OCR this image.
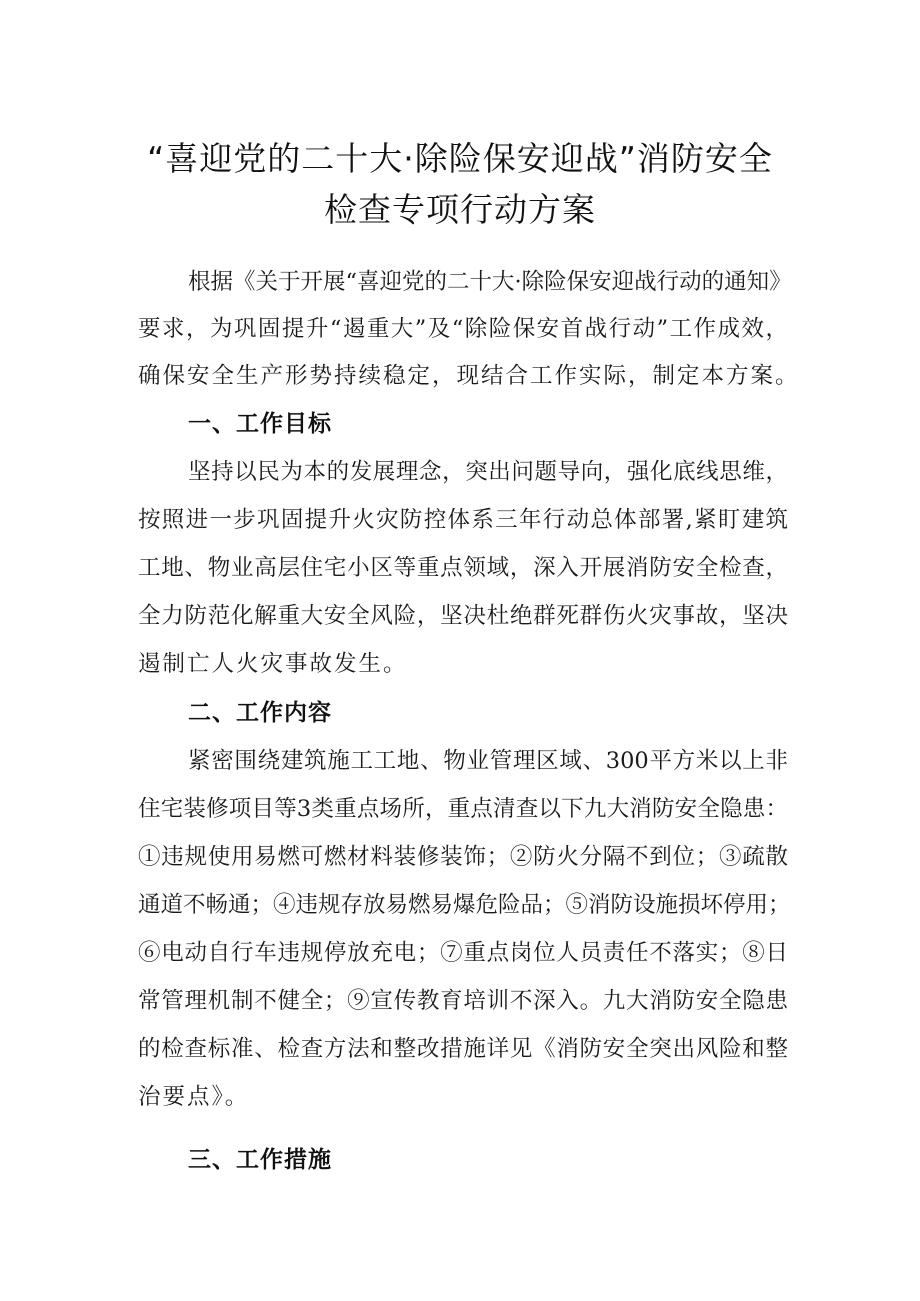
“喜迎党的二十大·除险保安迎战”消防安全
检查专项行动方案
根据《关于开展“喜迎党的二十大·除险保安迎战行动的通知》
要求，为巩固提升“遏重大”及“除险保安首战行动”工作成效，
确保安全生产形势持续稳定，现结合工作实际，制定本方案。
一、工作目标
坚持以民为本的发展理念，突出问题导向，强化底线思维，
按照进一步巩固提升火灾防控体系三年行动总体部署,紧盯建筑
工地、物业高层住宅小区等重点领域，深入开展消防安全检查，
全力防范化解重大安全风险，坚决杜绝群死群伤火灾事故，坚决
遏制亡人火灾事故发生。
二、工作内容
紧密围绕建筑施工工地、物业管理区域、300平方米以上非
住宅装修项目等3类重点场所，重点清查以下九大消防安全隐患：
①违规使用易燃可燃材料装修装饰；②防火分隔不到位；③疏散
通道不畅通；④违规存放易燃易爆危险品；⑤消防设施损坏停用；
⑥电动自行车违规停放充电；⑦重点岗位人员责任不落实；⑧日
常管理机制不健全；⑨宣传教育培训不深入。九大消防安全隐患
的检查标准、检查方法和整改措施详见《消防安全突出风险和整
治要点》。
三、工作措施
